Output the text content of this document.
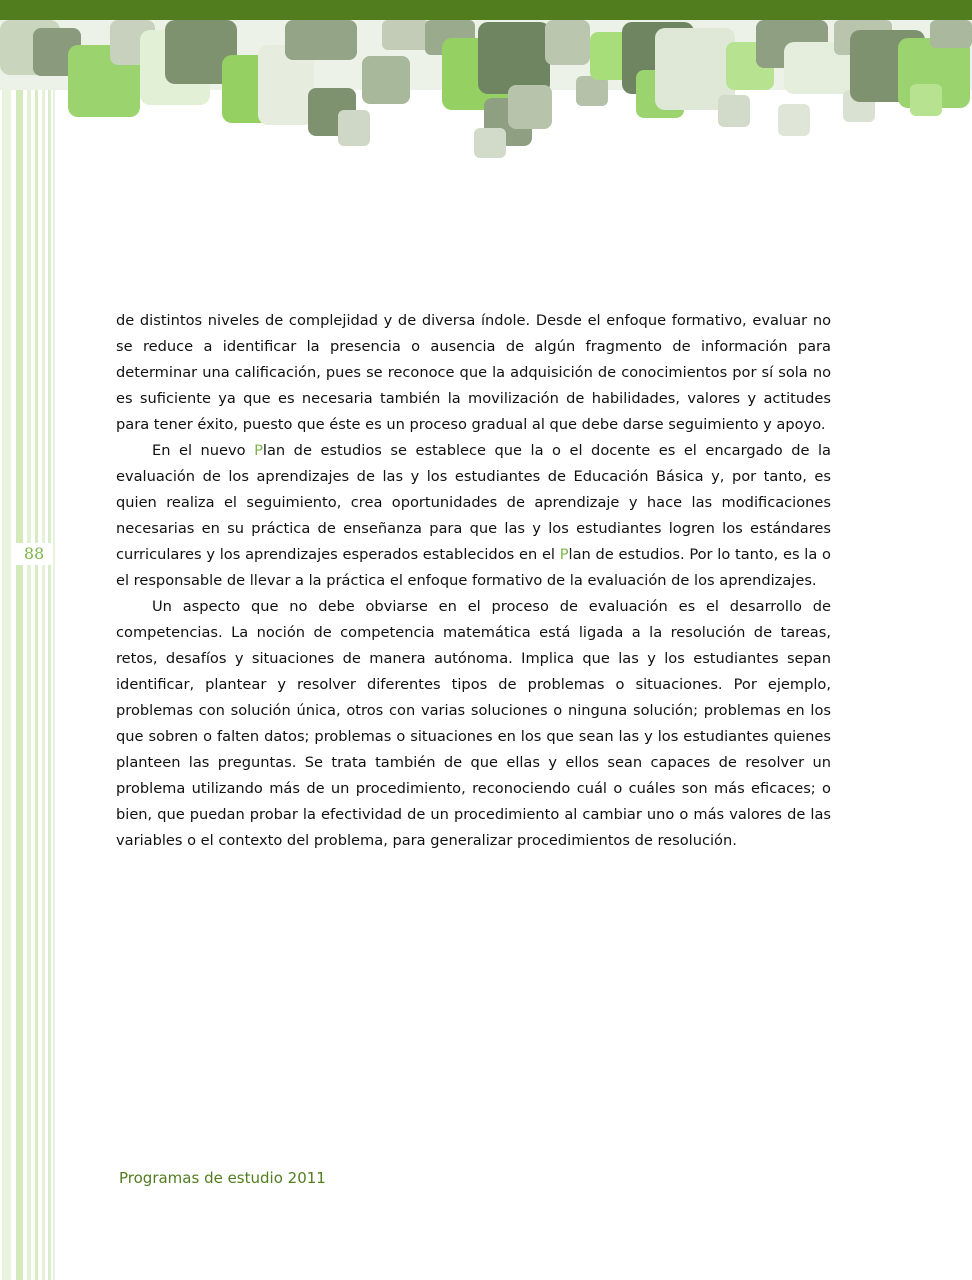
88

de distintos niveles de complejidad y de diversa índole. Desde el enfoque formativo, evaluar no se reduce a identificar la presencia o ausencia de algún fragmento de información para determinar una calificación, pues se reconoce que la adquisición de conocimientos por sí sola no es suficiente ya que es necesaria también la movilización de habilidades, valores y actitudes para tener éxito, puesto que éste es un proceso gradual al que debe darse seguimiento y apoyo.

En el nuevo Plan de estudios se establece que la o el docente es el encargado de la evaluación de los aprendizajes de las y los estudiantes de Educación Básica y, por tanto, es quien realiza el seguimiento, crea oportunidades de aprendizaje y hace las modificaciones necesarias en su práctica de enseñanza para que las y los estudiantes logren los estándares curriculares y los aprendizajes esperados establecidos en el Plan de estudios. Por lo tanto, es la o el responsable de llevar a la práctica el enfoque formativo de la evaluación de los aprendizajes.

Un aspecto que no debe obviarse en el proceso de evaluación es el desarrollo de competencias. La noción de competencia matemática está ligada a la resolución de tareas, retos, desafíos y situaciones de manera autónoma. Implica que las y los estudiantes sepan identificar, plantear y resolver diferentes tipos de problemas o situaciones. Por ejemplo, problemas con solución única, otros con varias soluciones o ninguna solución; problemas en los que sobren o falten datos; problemas o situaciones en los que sean las y los estudiantes quienes planteen las preguntas. Se trata también de que ellas y ellos sean capaces de resolver un problema utilizando más de un procedimiento, reconociendo cuál o cuáles son más eficaces; o bien, que puedan probar la efectividad de un procedimiento al cambiar uno o más valores de las variables o el contexto del problema, para generalizar procedimientos de resolución.

Programas de estudio 2011
